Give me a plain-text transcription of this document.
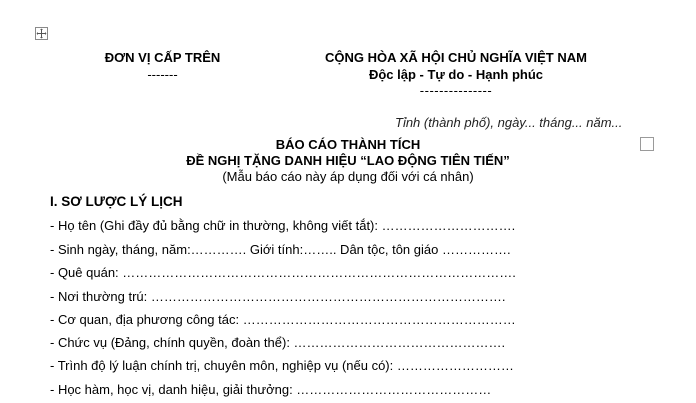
ĐƠN VỊ CẤP TRÊN
-------
CỘNG HÒA XÃ HỘI CHỦ NGHĨA VIỆT NAM
Độc lập - Tự do - Hạnh phúc
---------------
Tỉnh (thành phố), ngày... tháng... năm...
BÁO CÁO THÀNH TÍCH
ĐỀ NGHỊ TẶNG DANH HIỆU “LAO ĐỘNG TIÊN TIẾN”
(Mẫu báo cáo này áp dụng đối với cá nhân)
I. SƠ LƯỢC LÝ LỊCH
- Họ tên (Ghi đầy đủ bằng chữ in thường, không viết tắt): ………………………….
- Sinh ngày, tháng, năm:…………. Giới tính:…….. Dân tộc, tôn giáo …………….
- Quê quán: ……………………………………………………………………………….
- Nơi thường trú: ……………………………………………………………………….
- Cơ quan, địa phương công tác: ………………………………………………………
- Chức vụ (Đảng, chính quyền, đoàn thể): ………………………………………….
- Trình độ lý luận chính trị, chuyên môn, nghiệp vụ (nếu có): ………………………
- Học hàm, học vị, danh hiệu, giải thưởng: ………………………………………
